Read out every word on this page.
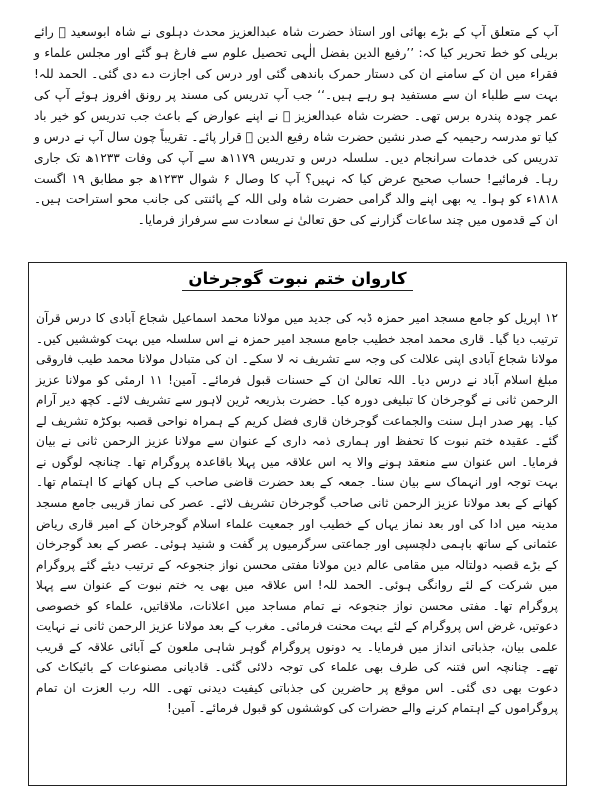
آپ کے متعلق آپ کے بڑے بھائی اور استاذ حضرت شاہ عبدالعزیز محدث دہلوی نے شاہ ابوسعید ﷫ رائے بریلی کو خط تحریر کیا کہ: ’’رفیع الدین بفضل الٰہی تحصیل علوم سے فارغ ہو گئے اور مجلس علماء و فقراء میں ان کے سامنے ان کی دستار حمرک باندھی گئی اور درس کی اجازت دے دی گئی۔ الحمد للہ! بہت سے طلباء ان سے مستفید ہو رہے ہیں۔‘‘ جب آپ تدریس کی مسند پر رونق افروز ہوئے آپ کی عمر چودہ پندرہ برس تھی۔ حضرت شاہ عبدالعزیز ﷫ نے اپنے عوارض کے باعث جب تدریس کو خیر باد کیا تو مدرسہ رحیمیہ کے صدر نشین حضرت شاہ رفیع الدین ﷫ قرار پائے۔ تقریباً چون سال آپ نے درس و تدریس کی خدمات سرانجام دیں۔ سلسلہ درس و تدریس ۱۱۷۹ھ سے آپ کی وفات ۱۲۳۳ھ تک جاری رہا۔ فرمائیے! حساب صحیح عرض کیا کہ نہیں؟ آپ کا وصال ۶ شوال ۱۲۳۳ھ جو مطابق ۱۹ اگست ۱۸۱۸ء کو ہوا۔ یہ بھی اپنے والد گرامی حضرت شاہ ولی اللہ کے پائنتی کی جانب محو استراحت ہیں۔ ان کے قدموں میں چند ساعات گزارنے کی حق تعالیٰ نے سعادت سے سرفراز فرمایا۔

کاروان ختم نبوت گوجرخان

۱۲ اپریل کو جامع مسجد امیر حمزہ ڈبہ کی جدید میں مولانا محمد اسماعیل شجاع آبادی کا درس قرآن ترتیب دیا گیا۔ قاری محمد امجد خطیب جامع مسجد امیر حمزہ نے اس سلسلہ میں بہت کوششیں کیں۔ مولانا شجاع آبادی اپنی علالت کی وجہ سے تشریف نہ لا سکے۔ ان کی متبادل مولانا محمد طیب فاروقی مبلغ اسلام آباد نے درس دیا۔ اللہ تعالیٰ ان کے حسنات قبول فرمائے۔ آمین! ۱۱ ارمئی کو مولانا عزیز الرحمن ثانی نے گوجرخان کا تبلیغی دورہ کیا۔ حضرت بذریعہ ٹرین لاہور سے تشریف لائے۔ کچھ دیر آرام کیا۔ پھر صدر اہل سنت والجماعت گوجرخان قاری فضل کریم کے ہمراہ نواحی قصبہ بوکڑہ تشریف لے گئے۔ عقیدہ ختم نبوت کا تحفظ اور ہماری ذمہ داری کے عنوان سے مولانا عزیز الرحمن ثانی نے بیان فرمایا۔ اس عنوان سے منعقد ہونے والا یہ اس علاقہ میں پہلا باقاعدہ پروگرام تھا۔ چنانچہ لوگوں نے بہت توجہ اور انہماک سے بیان سنا۔ جمعہ کے بعد حضرت قاضی صاحب کے ہاں کھانے کا اہتمام تھا۔ کھانے کے بعد مولانا عزیز الرحمن ثانی صاحب گوجرخان تشریف لائے۔ عصر کی نماز قریبی جامع مسجد مدینہ میں ادا کی اور بعد نماز یہاں کے خطیب اور جمعیت علماء اسلام گوجرخان کے امیر قاری ریاض عثمانی کے ساتھ باہمی دلچسپی اور جماعتی سرگرمیوں پر گفت و شنید ہوئی۔ عصر کے بعد گوجرخان کے بڑے قصبہ دولتالہ میں مقامی عالم دین مولانا مفتی محسن نواز جنجوعہ کے ترتیب دیئے گئے پروگرام میں شرکت کے لئے روانگی ہوئی۔ الحمد للہ! اس علاقہ میں بھی یہ ختم نبوت کے عنوان سے پہلا پروگرام تھا۔ مفتی محسن نواز جنجوعہ نے تمام مساجد میں اعلانات، ملاقاتیں، علماء کو خصوصی دعوتیں، غرض اس پروگرام کے لئے بہت محنت فرمائی۔ مغرب کے بعد مولانا عزیز الرحمن ثانی نے نہایت علمی بیان، جذباتی انداز میں فرمایا۔ یہ دونوں پروگرام گوہر شاہی ملعون کے آبائی علاقہ کے قریب تھے۔ چنانچہ اس فتنہ کی طرف بھی علماء کی توجہ دلائی گئی۔ قادیانی مصنوعات کے بائیکاٹ کی دعوت بھی دی گئی۔ اس موقع پر حاضرین کی جذباتی کیفیت دیدنی تھی۔ اللہ رب العزت ان تمام پروگراموں کے اہتمام کرنے والے حضرات کی کوششوں کو قبول فرمائے۔ آمین!
